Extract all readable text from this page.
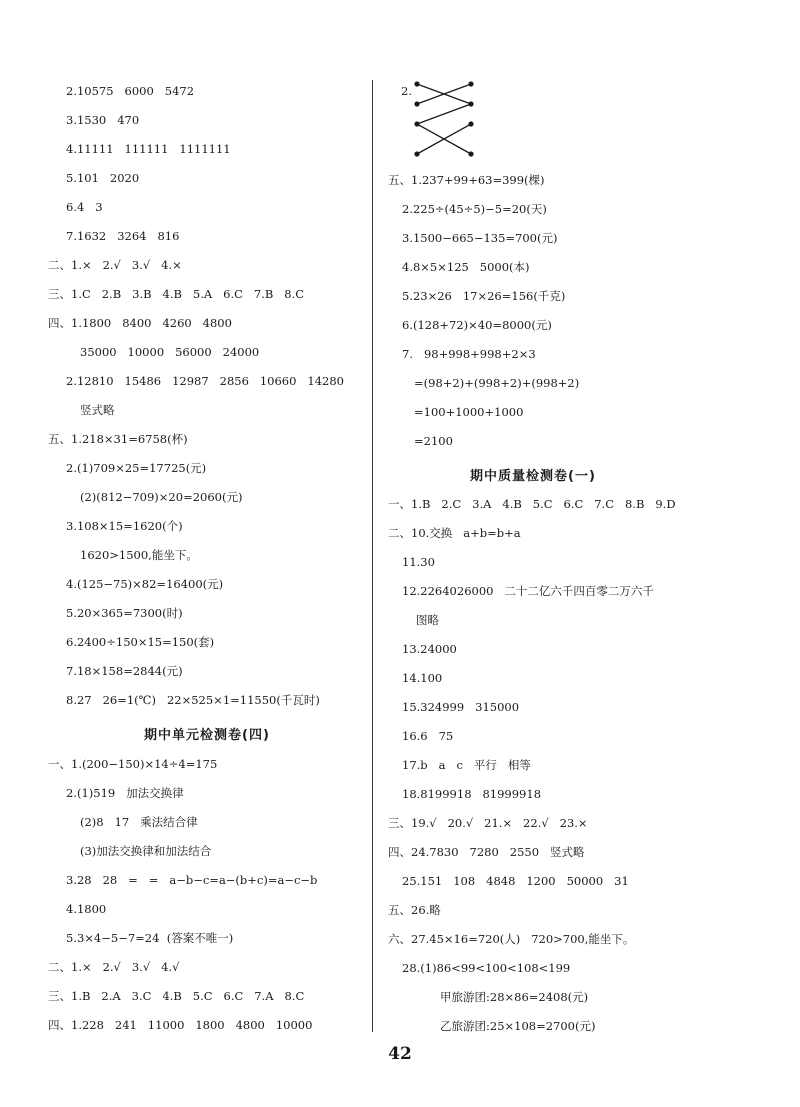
2.10575   6000   5472
3.1530   470
4.11111   111111   1111111
5.101   2020
6.4   3
7.1632   3264   816
二、1.×   2.√   3.√   4.×
三、1.C   2.B   3.B   4.B   5.A   6.C   7.B   8.C
四、1.1800   8400   4260   4800
35000   10000   56000   24000
2.12810   15486   12987   2856   10660   14280
竖式略
五、1.218×31=6758(杯)
2.(1)709×25=17725(元)
(2)(812−709)×20=2060(元)
3.108×15=1620(个)
1620>1500,能坐下。
4.(125−75)×82=16400(元)
5.20×365=7300(时)
6.2400÷150×15=150(套)
7.18×158=2844(元)
8.27   26=1(℃)   22×525×1=11550(千瓦时)
期中单元检测卷(四)
一、1.(200−150)×14÷4=175
2.(1)519   加法交换律
(2)8   17   乘法结合律
(3)加法交换律和加法结合
3.28   28   =   =   a−b−c=a−(b+c)=a−c−b
4.1800
5.3×4−5−7=24  (答案不唯一)
二、1.×   2.√   3.√   4.√
三、1.B   2.A   3.C   4.B   5.C   6.C   7.A   8.C
四、1.228   241   11000   1800   4800   10000
2.
五、1.237+99+63=399(棵)
2.225÷(45÷5)−5=20(天)
3.1500−665−135=700(元)
4.8×5×125   5000(本)
5.23×26   17×26=156(千克)
6.(128+72)×40=8000(元)
7.   98+998+998+2×3
=(98+2)+(998+2)+(998+2)
=100+1000+1000
=2100
期中质量检测卷(一)
一、1.B   2.C   3.A   4.B   5.C   6.C   7.C   8.B   9.D
二、10.交换   a+b=b+a
11.30
12.2264026000   二十二亿六千四百零二万六千
图略
13.24000
14.100
15.324999   315000
16.6   75
17.b   a   c   平行   相等
18.8199918   81999918
三、19.√   20.√   21.×   22.√   23.×
四、24.7830   7280   2550   竖式略
25.151   108   4848   1200   50000   31
五、26.略
六、27.45×16=720(人)   720>700,能坐下。
28.(1)86<99<100<108<199
甲旅游团:28×86=2408(元)
乙旅游团:25×108=2700(元)
42
